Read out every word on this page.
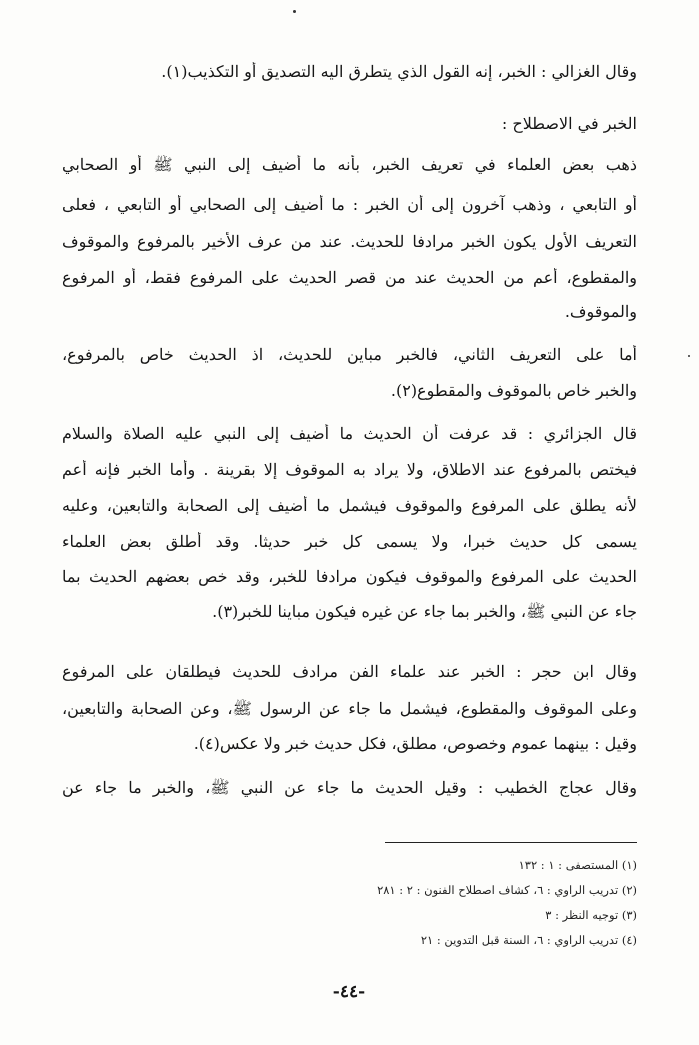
وقال الغزالي : الخبر، إنه القول الذي يتطرق اليه التصديق أو التكذيب(١).
الخبر في الاصطلاح :
ذهب بعض العلماء في تعريف الخبر، بأنه ما أضيف إلى النبي ﷺ أو الصحابي
أو التابعي ، وذهب آخرون إلى أن الخبر : ما أضيف إلى الصحابي أو التابعي ، فعلى
التعريف الأول يكون الخبر مرادفا للحديث. عند من عرف الأخير بالمرفوع والموقوف
والمقطوع، أعم من الحديث عند من قصر الحديث على المرفوع فقط، أو المرفوع
والموقوف.
أما على التعريف الثاني، فالخبر مباين للحديث، اذ الحديث خاص بالمرفوع،
والخبر خاص بالموقوف والمقطوع(٢).
قال الجزائري : قد عرفت أن الحديث ما أضيف إلى النبي عليه الصلاة والسلام
فيختص بالمرفوع عند الاطلاق، ولا يراد به الموقوف إلا بقرينة . وأما الخبر فإنه أعم
لأنه يطلق على المرفوع والموقوف فيشمل ما أضيف إلى الصحابة والتابعين، وعليه
يسمى كل حديث خبرا، ولا يسمى كل خبر حديثا. وقد أطلق بعض العلماء
الحديث على المرفوع والموقوف فيكون مرادفا للخبر، وقد خص بعضهم الحديث بما
جاء عن النبي ﷺ، والخبر بما جاء عن غيره فيكون مباينا للخبر(٣).
وقال ابن حجر : الخبر عند علماء الفن مرادف للحديث فيطلقان على المرفوع
وعلى الموقوف والمقطوع، فيشمل ما جاء عن الرسول ﷺ، وعن الصحابة والتابعين،
وقيل : بينهما عموم وخصوص، مطلق، فكل حديث خبر ولا عكس(٤).
وقال عجاج الخطيب : وقيل الحديث ما جاء عن النبي ﷺ، والخبر ما جاء عن
(١) المستصفى : ١ : ١٣٢
(٢) تدريب الراوي : ٦، كشاف اصطلاح الفنون : ٢ : ٢٨١
(٣) توجيه النظر : ٣
(٤) تدريب الراوي : ٦، السنة قبل التدوين : ٢١
-٤٤-
